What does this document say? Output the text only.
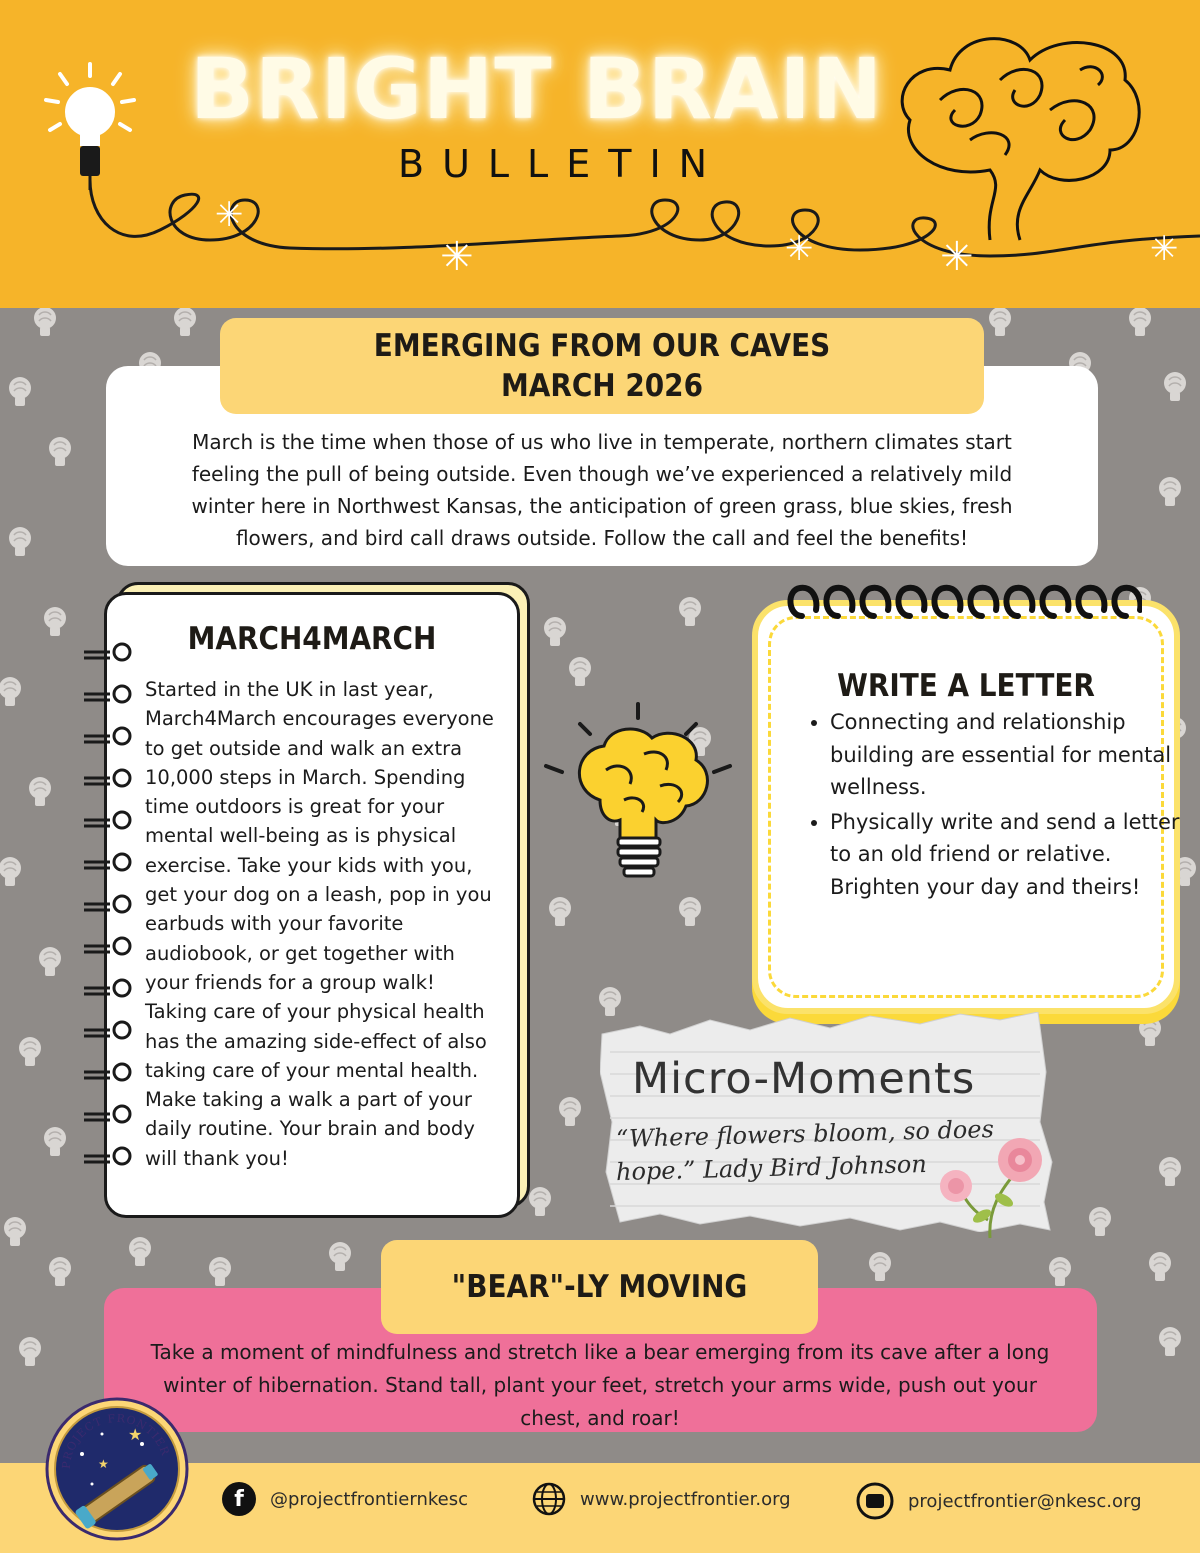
BRIGHT BRAIN
BULLETIN
✳
✳	✳	✳	✳

March is the time when those of us who live in temperate, northern climates start feeling the pull of being outside. Even though we’ve experienced a relatively mild winter here in Northwest Kansas, the anticipation of green grass, blue skies, fresh flowers, and bird call draws outside. Follow the call and feel the benefits!

EMERGING FROM OUR CAVES
MARCH 2026
MARCH4MARCH

Started in the UK in last year, March4March encourages everyone to get outside and walk an extra 10,000 steps in March. Spending time outdoors is great for your mental well-being as is physical exercise. Take your kids with you, get your dog on a leash, pop in you earbuds with your favorite audiobook, or get together with your friends for a group walk! Taking care of your physical health has the amazing side-effect of also taking care of your mental health. Make taking a walk a part of your daily routine. Your brain and body will thank you!

WRITE A LETTER
• Connecting and relationship building are essential for mental wellness.
• Physically write and send a letter to an old friend or relative. Brighten your day and theirs!
Micro-Moments
“Where flowers bloom, so does
hope.” Lady Bird Johnson

Take a moment of mindfulness and stretch like a bear emerging from its cave after a long winter of hibernation. Stand tall, plant your feet, stretch your arms wide, push out your chest, and roar!

"BEAR"-LY MOVING
f	@projectfrontiernkesc	www.projectfrontier.org	projectfrontier@nkesc.org
★
★
PROJECT FRONTIER
